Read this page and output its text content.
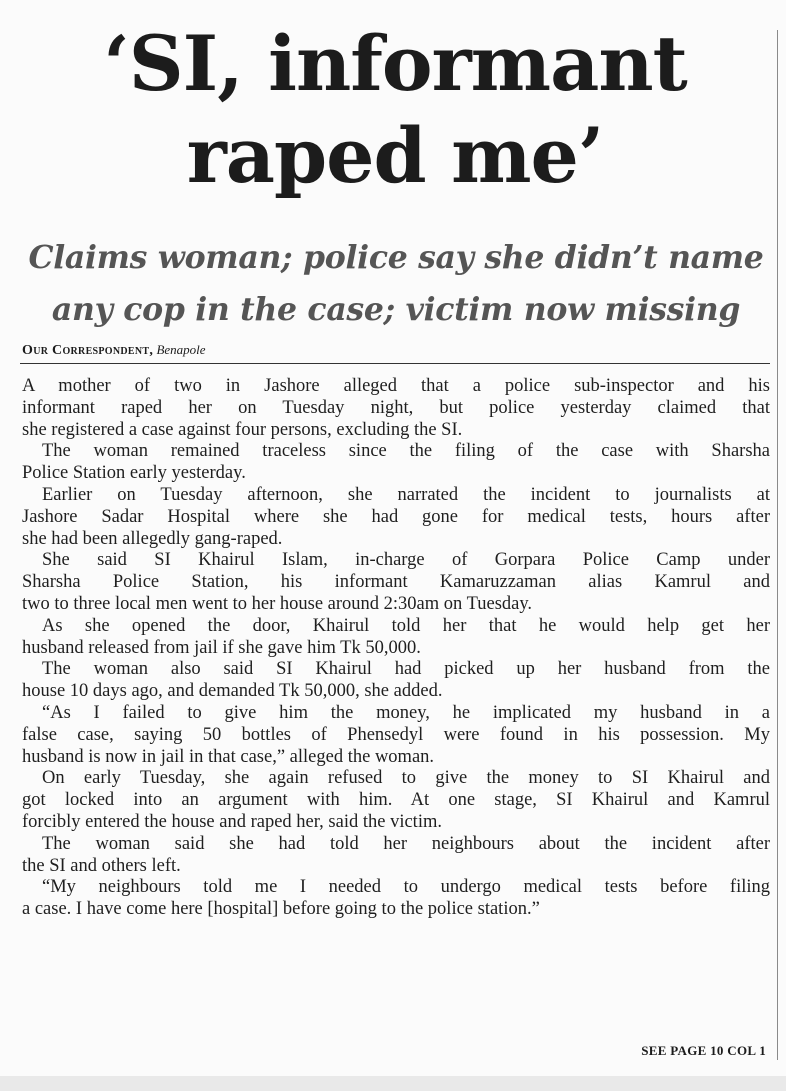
‘SI, informant
raped me’
Claims woman; police say she didn’t name
any cop in the case; victim now missing
Our Correspondent, Benapole
A mother of two in Jashore alleged that a police sub-inspector and his
informant raped her on Tuesday night, but police yesterday claimed that
she registered a case against four persons, excluding the SI.
The woman remained traceless since the filing of the case with Sharsha
Police Station early yesterday.
Earlier on Tuesday afternoon, she narrated the incident to journalists at
Jashore Sadar Hospital where she had gone for medical tests, hours after
she had been allegedly gang-raped.
She said SI Khairul Islam, in-charge of Gorpara Police Camp under
Sharsha Police Station, his informant Kamaruzzaman alias Kamrul and
two to three local men went to her house around 2:30am on Tuesday.
As she opened the door, Khairul told her that he would help get her
husband released from jail if she gave him Tk 50,000.
The woman also said SI Khairul had picked up her husband from the
house 10 days ago, and demanded Tk 50,000, she added.
“As I failed to give him the money, he implicated my husband in a
false case, saying 50 bottles of Phensedyl were found in his possession. My
husband is now in jail in that case,” alleged the woman.
On early Tuesday, she again refused to give the money to SI Khairul and
got locked into an argument with him. At one stage, SI Khairul and Kamrul
forcibly entered the house and raped her, said the victim.
The woman said she had told her neighbours about the incident after
the SI and others left.
“My neighbours told me I needed to undergo medical tests before filing
a case. I have come here [hospital] before going to the police station.”
SEE PAGE 10 COL 1
